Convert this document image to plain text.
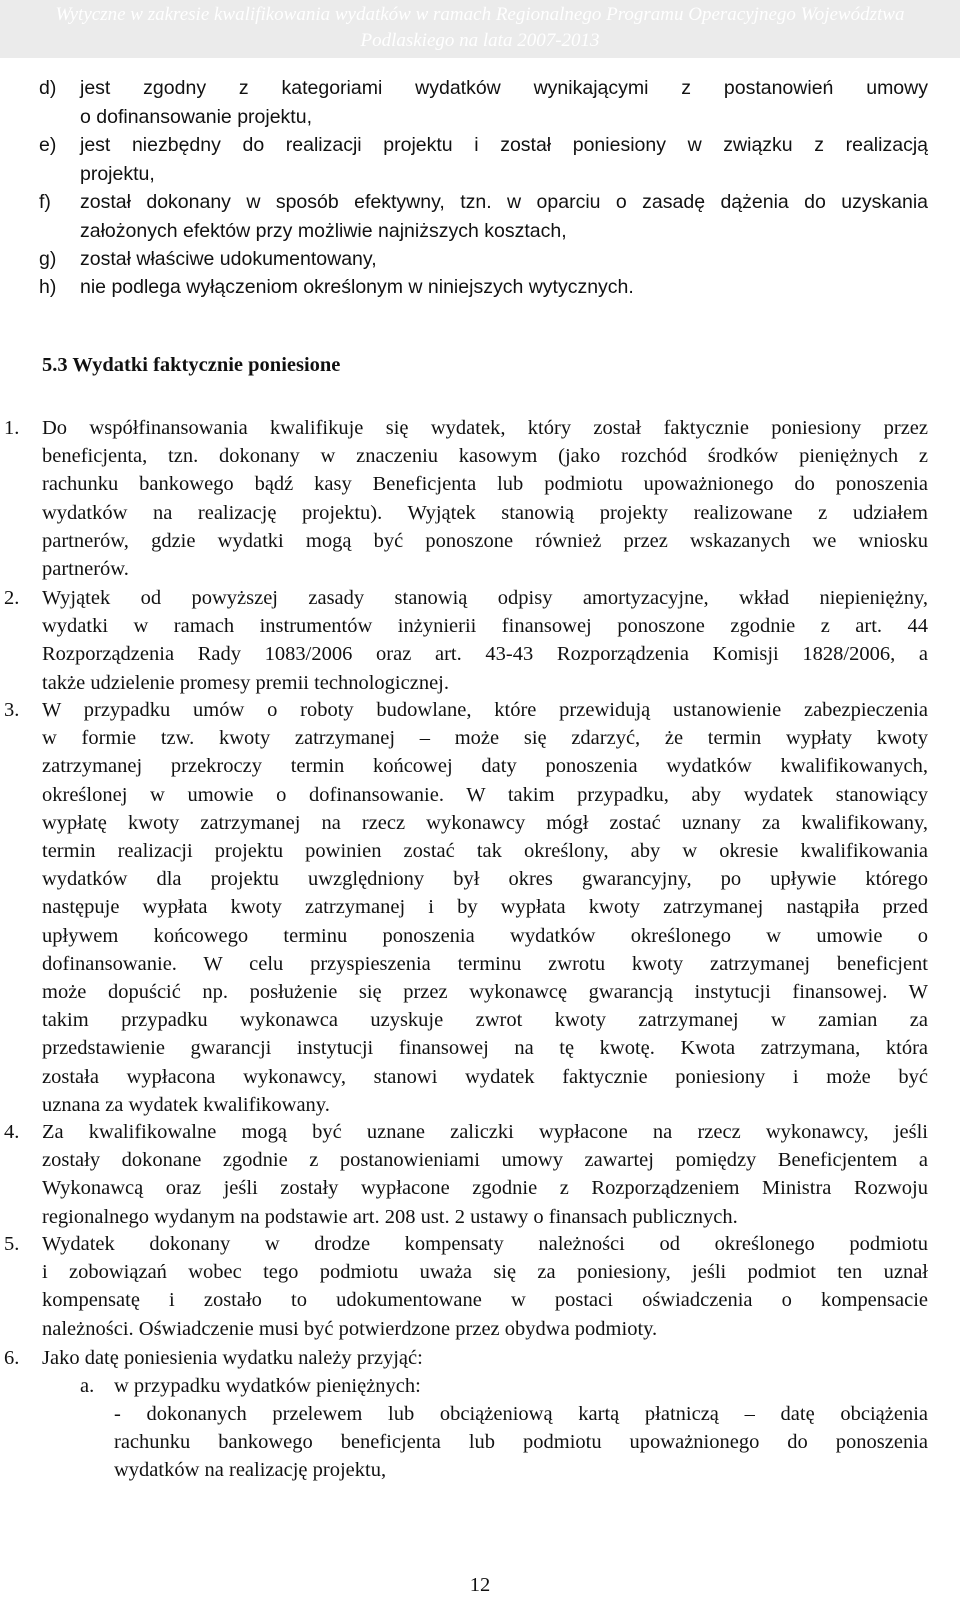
Wytyczne w zakresie kwalifikowania wydatków w ramach Regionalnego Programu Operacyjnego Województwa
Podlaskiego na lata 2007-2013
d) jest zgodny z kategoriami wydatków wynikającymi z postanowień umowy
o dofinansowanie projektu,
e) jest niezbędny do realizacji projektu i został poniesiony w związku z realizacją
projektu,
f) został dokonany w sposób efektywny, tzn. w oparciu o zasadę dążenia do uzyskania
założonych efektów przy możliwie najniższych kosztach,
g) został właściwe udokumentowany,
h) nie podlega wyłączeniom określonym w niniejszych wytycznych.
1. Do współfinansowania kwalifikuje się wydatek, który został faktycznie poniesiony przez
beneficjenta, tzn. dokonany w znaczeniu kasowym (jako rozchód środków pieniężnych z
rachunku bankowego bądź kasy Beneficjenta lub podmiotu upoważnionego do ponoszenia
wydatków na realizację projektu). Wyjątek stanowią projekty realizowane z udziałem
partnerów, gdzie wydatki mogą być ponoszone również przez wskazanych we wniosku
partnerów.
2. Wyjątek od powyższej zasady stanowią odpisy amortyzacyjne, wkład niepieniężny,
wydatki w ramach instrumentów inżynierii finansowej ponoszone zgodnie z art. 44
Rozporządzenia Rady 1083/2006 oraz art. 43-43 Rozporządzenia Komisji 1828/2006, a
także udzielenie promesy premii technologicznej.
3. W przypadku umów o roboty budowlane, które przewidują ustanowienie zabezpieczenia
w formie tzw. kwoty zatrzymanej – może się zdarzyć, że termin wypłaty kwoty
zatrzymanej przekroczy termin końcowej daty ponoszenia wydatków kwalifikowanych,
określonej w umowie o dofinansowanie. W takim przypadku, aby wydatek stanowiący
wypłatę kwoty zatrzymanej na rzecz wykonawcy mógł zostać uznany za kwalifikowany,
termin realizacji projektu powinien zostać tak określony, aby w okresie kwalifikowania
wydatków dla projektu uwzględniony był okres gwarancyjny, po upływie którego
następuje wypłata kwoty zatrzymanej i by wypłata kwoty zatrzymanej nastąpiła przed
upływem końcowego terminu ponoszenia wydatków określonego w umowie o
dofinansowanie. W celu przyspieszenia terminu zwrotu kwoty zatrzymanej beneficjent
może dopuścić np. posłużenie się przez wykonawcę gwarancją instytucji finansowej. W
takim przypadku wykonawca uzyskuje zwrot kwoty zatrzymanej w zamian za
przedstawienie gwarancji instytucji finansowej na tę kwotę. Kwota zatrzymana, która
została wypłacona wykonawcy, stanowi wydatek faktycznie poniesiony i może być
uznana za wydatek kwalifikowany.
4. Za kwalifikowalne mogą być uznane zaliczki wypłacone na rzecz wykonawcy, jeśli
zostały dokonane zgodnie z postanowieniami umowy zawartej pomiędzy Beneficjentem a
Wykonawcą oraz jeśli zostały wypłacone zgodnie z Rozporządzeniem Ministra Rozwoju
regionalnego wydanym na podstawie art. 208 ust. 2 ustawy o finansach publicznych.
5. Wydatek dokonany w drodze kompensaty należności od określonego podmiotu
i zobowiązań wobec tego podmiotu uważa się za poniesiony, jeśli podmiot ten uznał
kompensatę i zostało to udokumentowane w postaci oświadczenia o kompensacie
należności. Oświadczenie musi być potwierdzone przez obydwa podmioty.
6. Jako datę poniesienia wydatku należy przyjąć:
a. w przypadku wydatków pieniężnych:
- dokonanych przelewem lub obciążeniową kartą płatniczą – datę obciążenia
rachunku bankowego beneficjenta lub podmiotu upoważnionego do ponoszenia
wydatków na realizację projektu,
5.3 Wydatki faktycznie poniesione
12
